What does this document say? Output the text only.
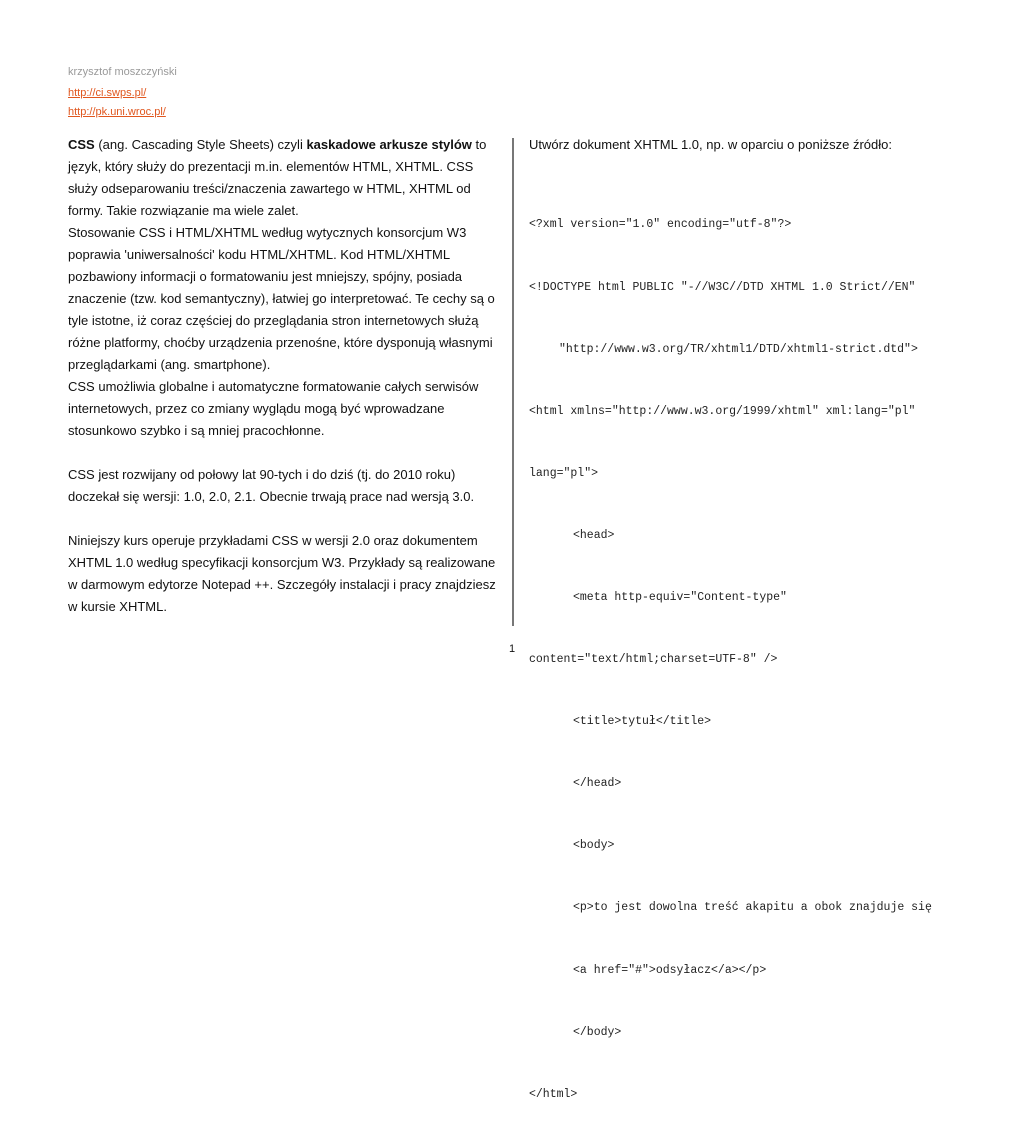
krzysztof moszczyński
http://ci.swps.pl/
http://pk.uni.wroc.pl/

CSS (ang. Cascading Style Sheets) czyli kaskadowe arkusze stylów to język, który służy do prezentacji m.in. elementów HTML, XHTML. CSS służy odseparowaniu treści/znaczenia zawartego w HTML, XHTML od formy. Takie rozwiązanie ma wiele zalet.

Stosowanie CSS i HTML/XHTML według wytycznych konsorcjum W3 poprawia 'uniwersalności' kodu HTML/XHTML. Kod HTML/XHTML pozbawiony informacji o formatowaniu jest mniejszy, spójny, posiada znaczenie (tzw. kod semantyczny), łatwiej go interpretować. Te cechy są o tyle istotne, iż coraz częściej do przeglądania stron internetowych służą różne platformy, choćby urządzenia przenośne, które dysponują własnymi przeglądarkami (ang. smartphone).

CSS umożliwia globalne i automatyczne formatowanie całych serwisów internetowych, przez co zmiany wyglądu mogą być wprowadzane stosunkowo szybko i są mniej pracochłonne.

CSS jest rozwijany od połowy lat 90-tych i do dziś (tj. do 2010 roku) doczekał się wersji: 1.0, 2.0, 2.1. Obecnie trwają prace nad wersją 3.0.

Niniejszy kurs operuje przykładami CSS w wersji 2.0 oraz dokumentem XHTML 1.0 według specyfikacji konsorcjum W3. Przykłady są realizowane w darmowym edytorze Notepad ++. Szczegóły instalacji i pracy znajdziesz w kursie XHTML.

Utwórz dokument XHTML 1.0, np. w oparciu o poniższe źródło:

<?xml version="1.0" encoding="utf-8"?>

<!DOCTYPE html PUBLIC "-//W3C//DTD XHTML 1.0 Strict//EN"

"http://www.w3.org/TR/xhtml1/DTD/xhtml1-strict.dtd">

<html xmlns="http://www.w3.org/1999/xhtml" xml:lang="pl"

lang="pl">

<head>

<meta http-equiv="Content-type"

content="text/html;charset=UTF-8" />

<title>tytuł</title>

</head>

<body>

<p>to jest dowolna treść akapitu a obok znajduje się

<a href="#">odsyłacz</a></p>

</body>

</html>

1
